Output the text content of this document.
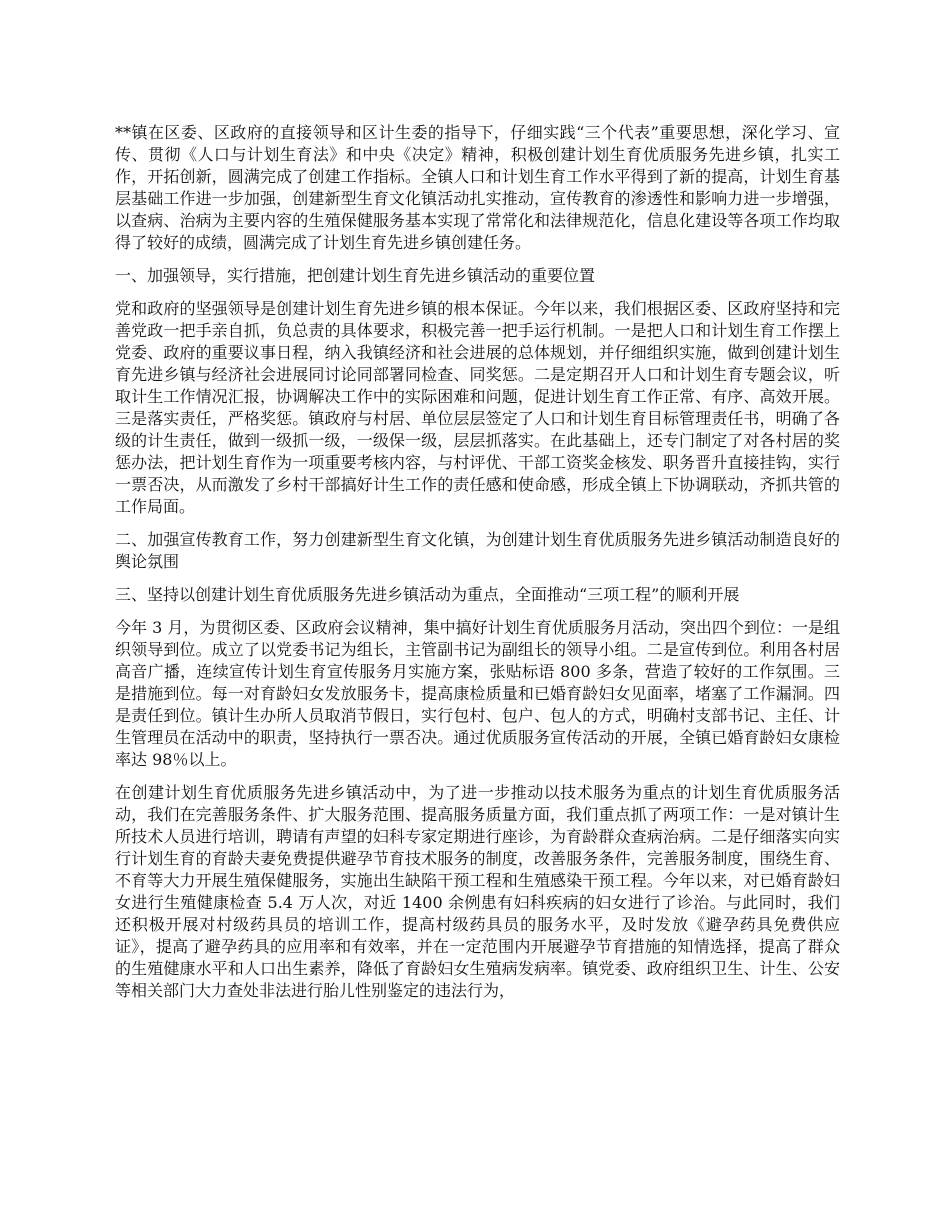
**镇在区委、区政府的直接领导和区计生委的指导下，仔细实践“三个代表”重要思想，深化学习、宣传、贯彻《人口与计划生育法》和中央《决定》精神，积极创建计划生育优质服务先进乡镇，扎实工作，开拓创新，圆满完成了创建工作指标。全镇人口和计划生育工作水平得到了新的提高，计划生育基层基础工作进一步加强，创建新型生育文化镇活动扎实推动，宣传教育的渗透性和影响力进一步增强，以查病、治病为主要内容的生殖保健服务基本实现了常常化和法律规范化，信息化建设等各项工作均取得了较好的成绩，圆满完成了计划生育先进乡镇创建任务。

一、加强领导，实行措施，把创建计划生育先进乡镇活动的重要位置

党和政府的坚强领导是创建计划生育先进乡镇的根本保证。今年以来，我们根据区委、区政府坚持和完善党政一把手亲自抓，负总责的具体要求，积极完善一把手运行机制。一是把人口和计划生育工作摆上党委、政府的重要议事日程，纳入我镇经济和社会进展的总体规划，并仔细组织实施，做到创建计划生育先进乡镇与经济社会进展同讨论同部署同检查、同奖惩。二是定期召开人口和计划生育专题会议，听取计生工作情况汇报，协调解决工作中的实际困难和问题，促进计划生育工作正常、有序、高效开展。三是落实责任，严格奖惩。镇政府与村居、单位层层签定了人口和计划生育目标管理责任书，明确了各级的计生责任，做到一级抓一级，一级保一级，层层抓落实。在此基础上，还专门制定了对各村居的奖惩办法，把计划生育作为一项重要考核内容，与村评优、干部工资奖金核发、职务晋升直接挂钩，实行一票否决，从而激发了乡村干部搞好计生工作的责任感和使命感，形成全镇上下协调联动，齐抓共管的工作局面。

二、加强宣传教育工作，努力创建新型生育文化镇，为创建计划生育优质服务先进乡镇活动制造良好的舆论氛围

三、坚持以创建计划生育优质服务先进乡镇活动为重点，全面推动“三项工程”的顺利开展

今年 3 月，为贯彻区委、区政府会议精神，集中搞好计划生育优质服务月活动，突出四个到位：一是组织领导到位。成立了以党委书记为组长，主管副书记为副组长的领导小组。二是宣传到位。利用各村居高音广播，连续宣传计划生育宣传服务月实施方案，张贴标语 800 多条，营造了较好的工作氛围。三是措施到位。每一对育龄妇女发放服务卡，提高康检质量和已婚育龄妇女见面率，堵塞了工作漏洞。四是责任到位。镇计生办所人员取消节假日，实行包村、包户、包人的方式，明确村支部书记、主任、计生管理员在活动中的职责，坚持执行一票否决。通过优质服务宣传活动的开展，全镇已婚育龄妇女康检率达 98％以上。

在创建计划生育优质服务先进乡镇活动中，为了进一步推动以技术服务为重点的计划生育优质服务活动，我们在完善服务条件、扩大服务范围、提高服务质量方面，我们重点抓了两项工作：一是对镇计生所技术人员进行培训，聘请有声望的妇科专家定期进行座诊，为育龄群众查病治病。二是仔细落实向实行计划生育的育龄夫妻免费提供避孕节育技术服务的制度，改善服务条件，完善服务制度，围绕生育、不育等大力开展生殖保健服务，实施出生缺陷干预工程和生殖感染干预工程。今年以来，对已婚育龄妇女进行生殖健康检查 5.4 万人次，对近 1400 余例患有妇科疾病的妇女进行了诊治。与此同时，我们还积极开展对村级药具员的培训工作，提高村级药具员的服务水平，及时发放《避孕药具免费供应证》，提高了避孕药具的应用率和有效率，并在一定范围内开展避孕节育措施的知情选择，提高了群众的生殖健康水平和人口出生素养，降低了育龄妇女生殖病发病率。镇党委、政府组织卫生、计生、公安等相关部门大力查处非法进行胎儿性别鉴定的违法行为，
